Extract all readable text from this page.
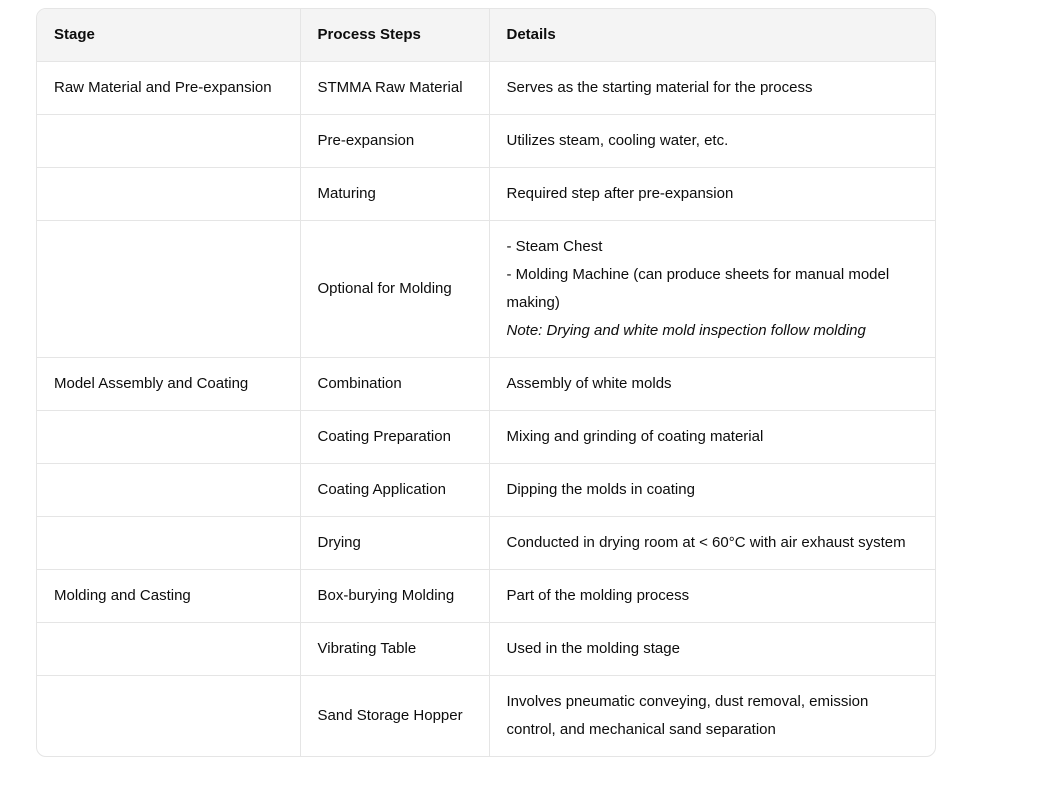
Stage	Process Steps	Details
Raw Material and Pre-expansion	STMMA Raw Material	Serves as the starting material for the process
	Pre-expansion	Utilizes steam, cooling water, etc.
	Maturing	Required step after pre-expansion
	Optional for Molding	- Steam Chest
- Molding Machine (can produce sheets for manual model making)
Note: Drying and white mold inspection follow molding

Model Assembly and Coating	Combination	Assembly of white molds
	Coating Preparation	Mixing and grinding of coating material
	Coating Application	Dipping the molds in coating
	Drying	Conducted in drying room at < 60°C with air exhaust system
Molding and Casting	Box-burying Molding	Part of the molding process
	Vibrating Table	Used in the molding stage
	Sand Storage Hopper	Involves pneumatic conveying, dust removal, emission control, and mechanical sand separation
